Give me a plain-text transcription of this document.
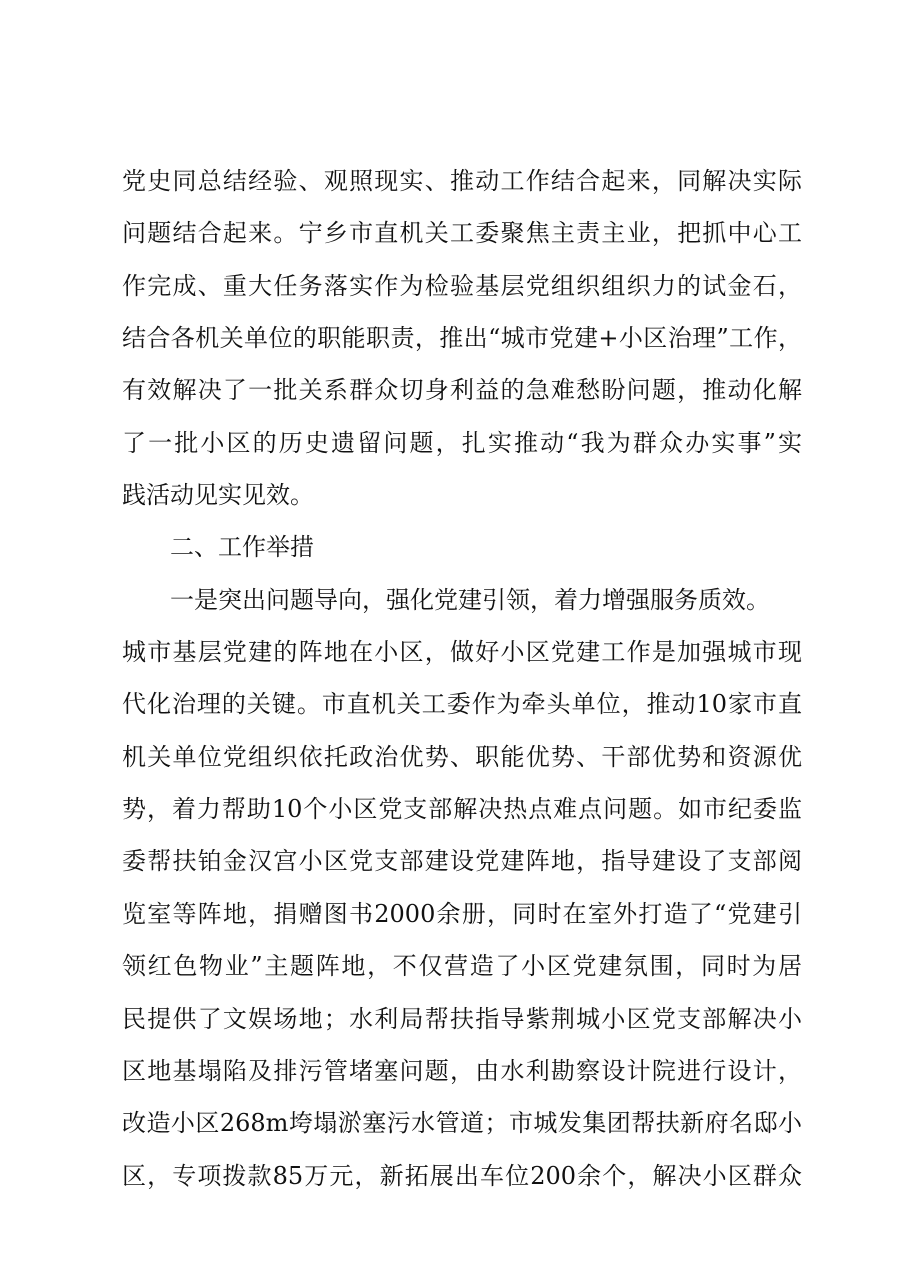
党史同总结经验、观照现实、推动工作结合起来，同解决实际
问题结合起来。宁乡市直机关工委聚焦主责主业，把抓中心工
作完成、重大任务落实作为检验基层党组织组织力的试金石，
结合各机关单位的职能职责，推出“城市党建+小区治理”工作，
有效解决了一批关系群众切身利益的急难愁盼问题，推动化解
了一批小区的历史遗留问题，扎实推动“我为群众办实事”实
践活动见实见效。
二、工作举措
一是突出问题导向，强化党建引领，着力增强服务质效。
城市基层党建的阵地在小区，做好小区党建工作是加强城市现
代化治理的关键。市直机关工委作为牵头单位，推动10家市直
机关单位党组织依托政治优势、职能优势、干部优势和资源优
势，着力帮助10个小区党支部解决热点难点问题。如市纪委监
委帮扶铂金汉宫小区党支部建设党建阵地，指导建设了支部阅
览室等阵地，捐赠图书2000余册，同时在室外打造了“党建引
领红色物业”主题阵地，不仅营造了小区党建氛围，同时为居
民提供了文娱场地；水利局帮扶指导紫荆城小区党支部解决小
区地基塌陷及排污管堵塞问题，由水利勘察设计院进行设计，
改造小区268m垮塌淤塞污水管道；市城发集团帮扶新府名邸小
区，专项拨款85万元，新拓展出车位200余个，解决小区群众
